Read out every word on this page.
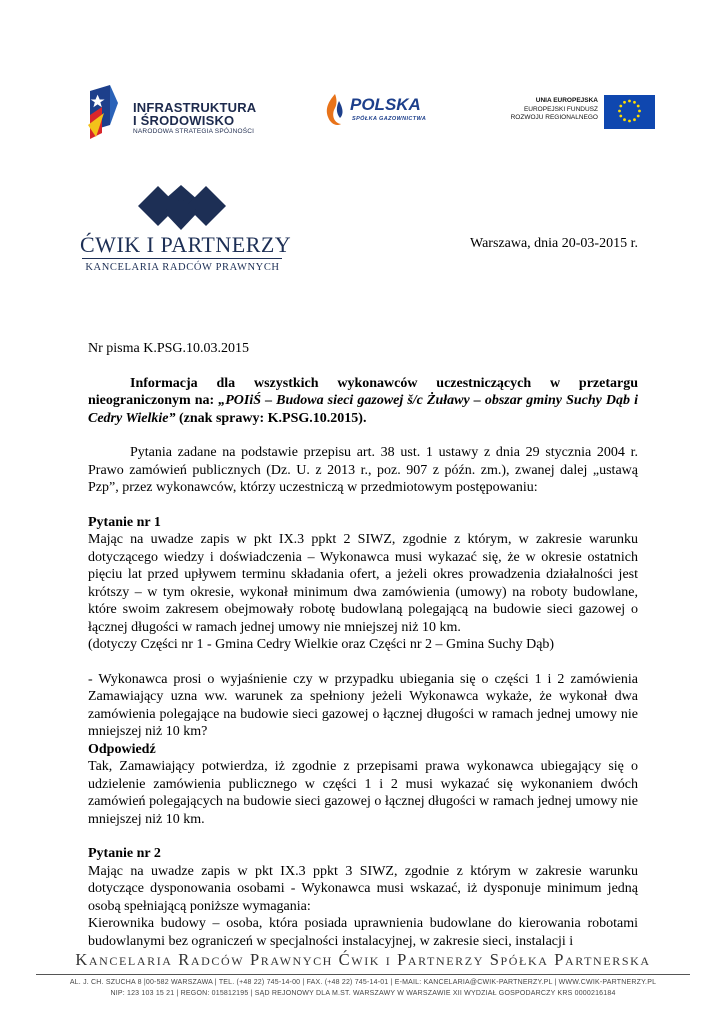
INFRASTRUKTURA
I ŚRODOWISKO
NARODOWA STRATEGIA SPÓJNOŚCI
POLSKA
SPÓŁKA GAZOWNICTWA
UNIA EUROPEJSKA
EUROPEJSKI FUNDUSZ
ROZWOJU REGIONALNEGO
ĆWIK I PARTNERZY
KANCELARIA RADCÓW PRAWNYCH
Warszawa, dnia 20-03-2015 r.

Nr pisma K.PSG.10.03.2015

Informacja dla wszystkich wykonawców uczestniczących w przetargu nieograniczonym na: „POIiŚ – Budowa sieci gazowej š/c Żuławy – obszar gminy Suchy Dąb i Cedry Wielkie” (znak sprawy: K.PSG.10.2015).

Pytania zadane na podstawie przepisu art. 38 ust. 1 ustawy z dnia 29 stycznia 2004 r. Prawo zamówień publicznych (Dz. U. z 2013 r., poz. 907 z późn. zm.), zwanej dalej „ustawą Pzp”, przez wykonawców, którzy uczestniczą w przedmiotowym postępowaniu:

Pytanie nr 1

Mając na uwadze zapis w pkt IX.3 ppkt 2 SIWZ, zgodnie z którym, w zakresie warunku dotyczącego wiedzy i doświadczenia – Wykonawca musi wykazać się, że w okresie ostatnich pięciu lat przed upływem terminu składania ofert, a jeżeli okres prowadzenia działalności jest krótszy – w tym okresie, wykonał minimum dwa zamówienia (umowy) na roboty budowlane, które swoim zakresem obejmowały robotę budowlaną polegającą na budowie sieci gazowej o łącznej długości w ramach jednej umowy nie mniejszej niż 10 km.

(dotyczy Części nr 1 - Gmina Cedry Wielkie oraz Części nr 2 – Gmina Suchy Dąb)

- Wykonawca prosi o wyjaśnienie czy w przypadku ubiegania się o części 1 i 2 zamówienia Zamawiający uzna ww. warunek za spełniony jeżeli Wykonawca wykaże, że wykonał dwa zamówienia polegające na budowie sieci gazowej o łącznej długości w ramach jednej umowy nie mniejszej niż 10 km?

Odpowiedź

Tak, Zamawiający potwierdza, iż zgodnie z przepisami prawa wykonawca ubiegający się o udzielenie zamówienia publicznego w części 1 i 2 musi wykazać się wykonaniem dwóch zamówień polegających na budowie sieci gazowej o łącznej długości w ramach jednej umowy nie mniejszej niż 10 km.

Pytanie nr 2

Mając na uwadze zapis w pkt IX.3 ppkt 3 SIWZ, zgodnie z którym w zakresie warunku dotyczące dysponowania osobami - Wykonawca musi wskazać, iż dysponuje minimum jedną osobą spełniającą poniższe wymagania:

Kierownika budowy – osoba, która posiada uprawnienia budowlane do kierowania robotami budowlanymi bez ograniczeń w specjalności instalacyjnej, w zakresie sieci, instalacji i

Kancelaria Radców Prawnych Ćwik i Partnerzy Spółka Partnerska
AL. J. CH. SZUCHA 8 |00-582 WARSZAWA | TEL. (+48 22) 745-14-00 | FAX. (+48 22) 745-14-01 | E-MAIL: KANCELARIA@CWIK-PARTNERZY.PL | WWW.CWIK-PARTNERZY.PL
NIP: 123 103 15 21 | REGON: 015812195 | SĄD REJONOWY DLA M.ST. WARSZAWY W WARSZAWIE XII WYDZIAŁ GOSPODARCZY KRS 0000216184
